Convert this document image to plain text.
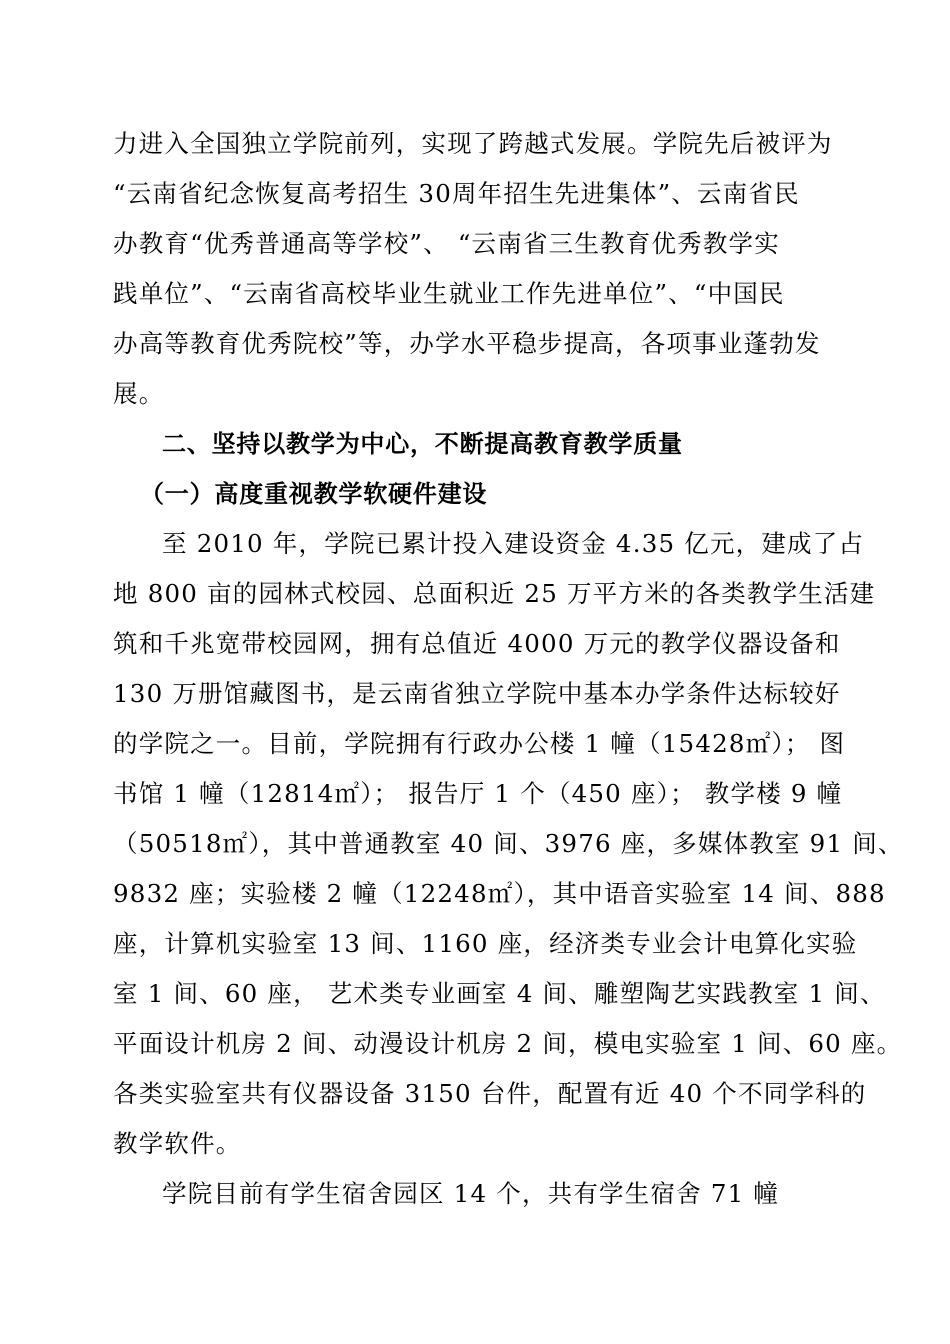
力进入全国独立学院前列，实现了跨越式发展。学院先后被评为
“云南省纪念恢复高考招生 30周年招生先进集体”、云南省民
办教育“优秀普通高等学校”、 “云南省三生教育优秀教学实
践单位”、“云南省高校毕业生就业工作先进单位”、“中国民
办高等教育优秀院校”等，办学水平稳步提高，各项事业蓬勃发
展。
二、坚持以教学为中心，不断提高教育教学质量
（一）高度重视教学软硬件建设
至 2010 年，学院已累计投入建设资金 4.35 亿元，建成了占
地 800 亩的园林式校园、总面积近 25 万平方米的各类教学生活建
筑和千兆宽带校园网，拥有总值近 4000 万元的教学仪器设备和
130 万册馆藏图书，是云南省独立学院中基本办学条件达标较好
的学院之一。目前，学院拥有行政办公楼 1 幢（15428㎡）； 图
书馆 1 幢（12814㎡）； 报告厅 1 个（450 座）； 教学楼 9 幢
（50518㎡），其中普通教室 40 间、3976 座，多媒体教室 91 间、
9832 座；实验楼 2 幢（12248㎡），其中语音实验室 14 间、888
座，计算机实验室 13 间、1160 座，经济类专业会计电算化实验
室 1 间、60 座， 艺术类专业画室 4 间、雕塑陶艺实践教室 1 间、
平面设计机房 2 间、动漫设计机房 2 间，模电实验室 1 间、60 座。
各类实验室共有仪器设备 3150 台件，配置有近 40 个不同学科的
教学软件。
学院目前有学生宿舍园区 14 个，共有学生宿舍 71 幢
